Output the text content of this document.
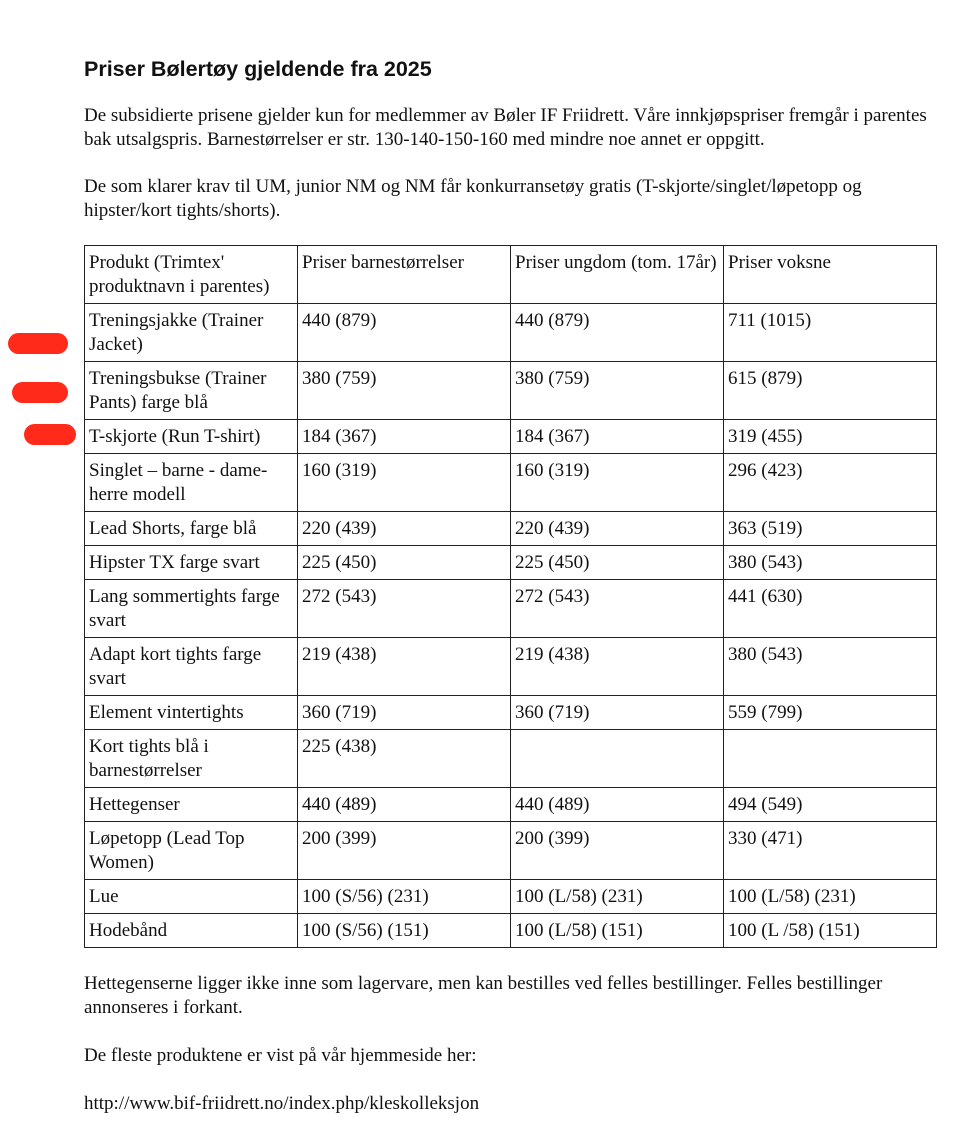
Priser Bølertøy gjeldende fra 2025

De subsidierte prisene gjelder kun for medlemmer av Bøler IF Friidrett. Våre innkjøpspriser fremgår i parentes bak utsalgspris. Barnestørrelser er str. 130-140-150-160 med mindre noe annet er oppgitt.

De som klarer krav til UM, junior NM og NM får konkurransetøy gratis (T-skjorte/singlet/løpetopp og hipster/kort tights/shorts).

Produkt (Trimtex' produktnavn i parentes)	Priser barnestørrelser	Priser ungdom (tom. 17år)	Priser voksne
Treningsjakke (Trainer Jacket)	440 (879)	440 (879)	711 (1015)
Treningsbukse (Trainer Pants) farge blå	380 (759)	380 (759)	615 (879)
T-skjorte (Run T-shirt)	184 (367)	184 (367)	319 (455)
Singlet – barne - dame-herre modell	160 (319)	160 (319)	296 (423)
Lead Shorts, farge blå	220 (439)	220 (439)	363 (519)
Hipster TX farge svart	225 (450)	225 (450)	380 (543)
Lang sommertights farge svart	272 (543)	272 (543)	441 (630)
Adapt kort tights farge svart	219 (438)	219 (438)	380 (543)
Element vintertights	360 (719)	360 (719)	559 (799)
Kort tights blå i barnestørrelser	225 (438)		
Hettegenser	440 (489)	440 (489)	494 (549)
Løpetopp (Lead Top Women)	200 (399)	200 (399)	330 (471)
Lue	100 (S/56) (231)	100 (L/58) (231)	100 (L/58) (231)
Hodebånd	100 (S/56) (151)	100 (L/58) (151)	100 (L /58) (151)

Hettegenserne ligger ikke inne som lagervare, men kan bestilles ved felles bestillinger. Felles bestillinger annonseres i forkant.

De fleste produktene er vist på vår hjemmeside her:

http://www.bif-friidrett.no/index.php/kleskolleksjon
